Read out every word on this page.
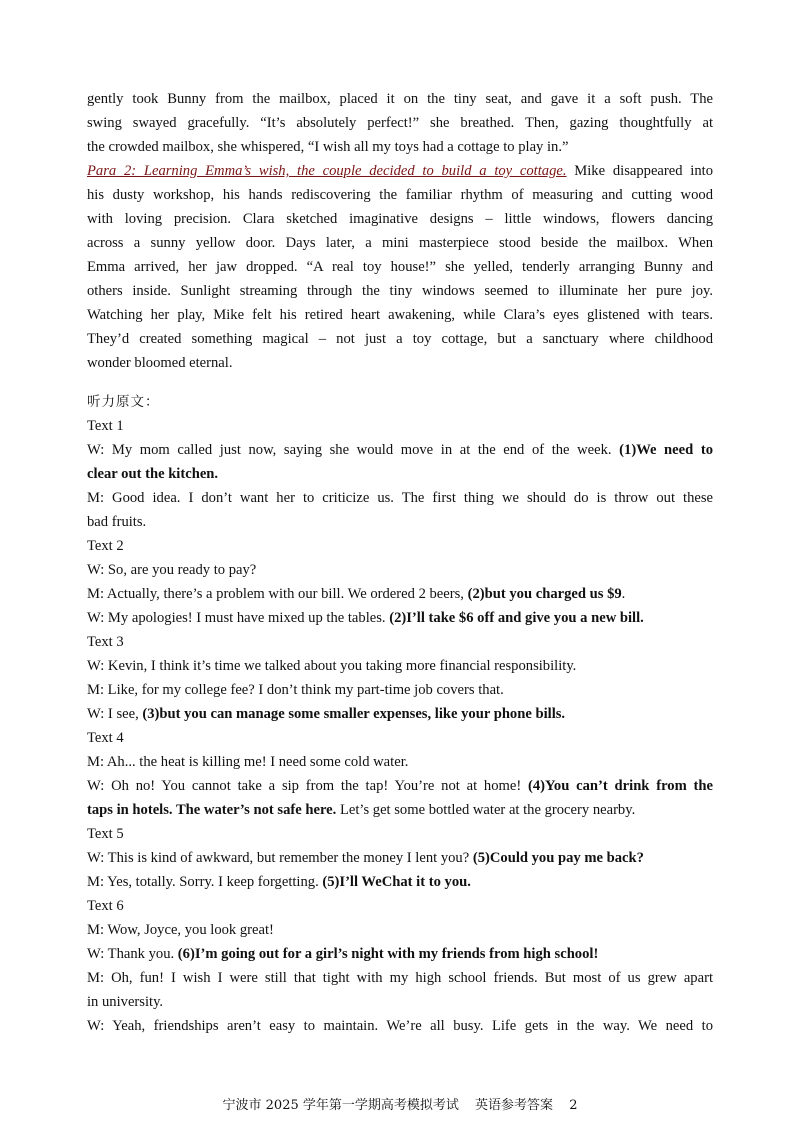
gently took Bunny from the mailbox, placed it on the tiny seat, and gave it a soft push. The
swing swayed gracefully. “It’s absolutely perfect!” she breathed. Then, gazing thoughtfully at
the crowded mailbox, she whispered, “I wish all my toys had a cottage to play in.”
Para 2: Learning Emma’s wish, the couple decided to build a toy cottage. Mike disappeared into
his dusty workshop, his hands rediscovering the familiar rhythm of measuring and cutting wood
with loving precision. Clara sketched imaginative designs – little windows, flowers dancing
across a sunny yellow door. Days later, a mini masterpiece stood beside the mailbox. When
Emma arrived, her jaw dropped. “A real toy house!” she yelled, tenderly arranging Bunny and
others inside. Sunlight streaming through the tiny windows seemed to illuminate her pure joy.
Watching her play, Mike felt his retired heart awakening, while Clara’s eyes glistened with tears.
They’d created something magical – not just a toy cottage, but a sanctuary where childhood
wonder bloomed eternal.
听力原文：
Text 1
W: My mom called just now, saying she would move in at the end of the week. (1)We need to
clear out the kitchen.
M: Good idea. I don’t want her to criticize us. The first thing we should do is throw out these
bad fruits.
Text 2
W: So, are you ready to pay?
M: Actually, there’s a problem with our bill. We ordered 2 beers, (2)but you charged us $9.
W: My apologies! I must have mixed up the tables. (2)I’ll take $6 off and give you a new bill.
Text 3
W: Kevin, I think it’s time we talked about you taking more financial responsibility.
M: Like, for my college fee? I don’t think my part-time job covers that.
W: I see, (3)but you can manage some smaller expenses, like your phone bills.
Text 4
M: Ah... the heat is killing me! I need some cold water.
W: Oh no! You cannot take a sip from the tap! You’re not at home! (4)You can’t drink from the
taps in hotels. The water’s not safe here. Let’s get some bottled water at the grocery nearby.
Text 5
W: This is kind of awkward, but remember the money I lent you? (5)Could you pay me back?
M: Yes, totally. Sorry. I keep forgetting. (5)I’ll WeChat it to you.
Text 6
M: Wow, Joyce, you look great!
W: Thank you. (6)I’m going out for a girl’s night with my friends from high school!
M: Oh, fun! I wish I were still that tight with my high school friends. But most of us grew apart
in university.
W: Yeah, friendships aren’t easy to maintain. We’re all busy. Life gets in the way. We need to
宁波市 2025 学年第一学期高考模拟考试 英语参考答案 2
